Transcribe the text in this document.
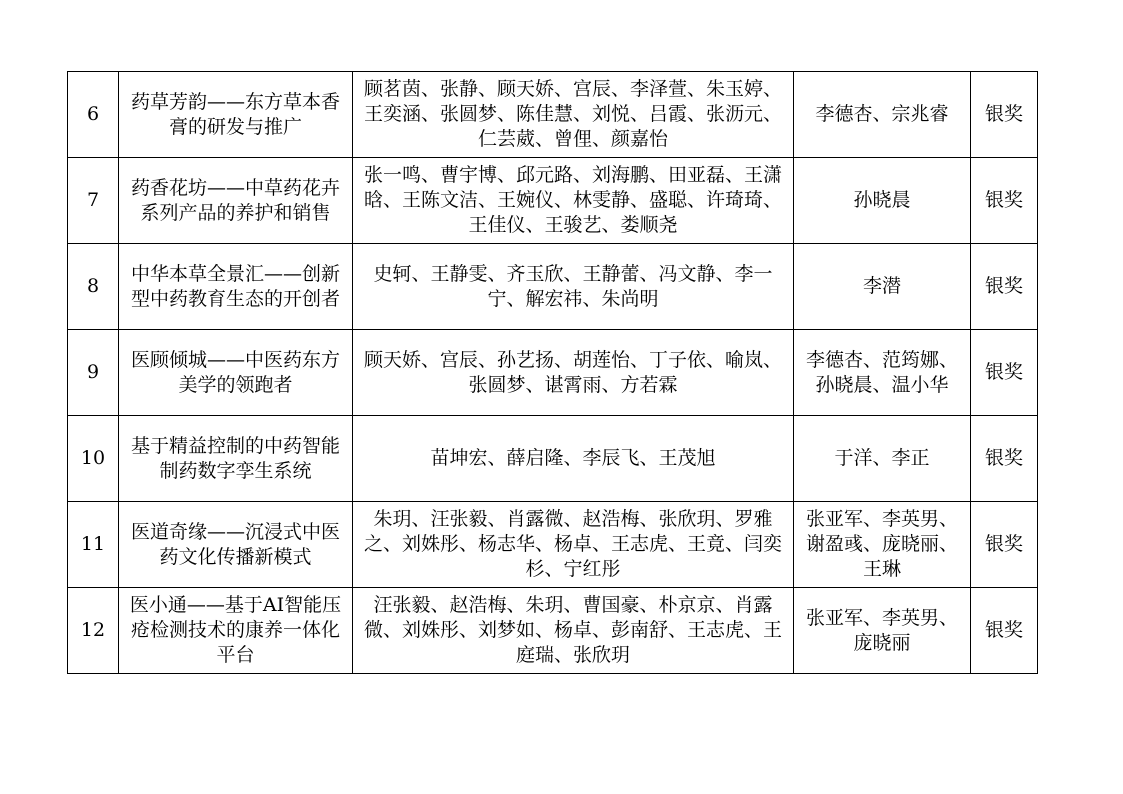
6	药草芳韵——东方草本香膏的研发与推广	顾茗茵、张静、顾天娇、宫辰、李泽萱、朱玉婷、王奕涵、张圆梦、陈佳慧、刘悦、吕霞、张沥元、仁芸葳、曾俚、颜嘉怡	李德杏、宗兆睿	银奖
7	药香花坊——中草药花卉系列产品的养护和销售	张一鸣、曹宇博、邱元路、刘海鹏、田亚磊、王潇晗、王陈文洁、王婉仪、林雯静、盛聪、许琦琦、王佳仪、王骏艺、娄顺尧	孙晓晨	银奖
8	中华本草全景汇——创新型中药教育生态的开创者	史轲、王静雯、齐玉欣、王静蕾、冯文静、李一宁、解宏祎、朱尚明	李潜	银奖
9	医顾倾城——中医药东方美学的领跑者	顾天娇、宫辰、孙艺扬、胡莲怡、丁子依、喻岚、张圆梦、谌霄雨、方若霖	李德杏、范筠娜、孙晓晨、温小华	银奖
10	基于精益控制的中药智能制药数字孪生系统	苗坤宏、薛启隆、李辰飞、王茂旭	于洋、李正	银奖
11	医道奇缘——沉浸式中医药文化传播新模式	朱玥、汪张毅、肖露微、赵浩梅、张欣玥、罗雅之、刘姝彤、杨志华、杨卓、王志虎、王竟、闫奕杉、宁红彤	张亚军、李英男、谢盈彧、庞晓丽、王琳	银奖
12	医小通——基于AI智能压疮检测技术的康养一体化平台	汪张毅、赵浩梅、朱玥、曹国豪、朴京京、肖露微、刘姝彤、刘梦如、杨卓、彭南舒、王志虎、王庭瑞、张欣玥	张亚军、李英男、庞晓丽	银奖
